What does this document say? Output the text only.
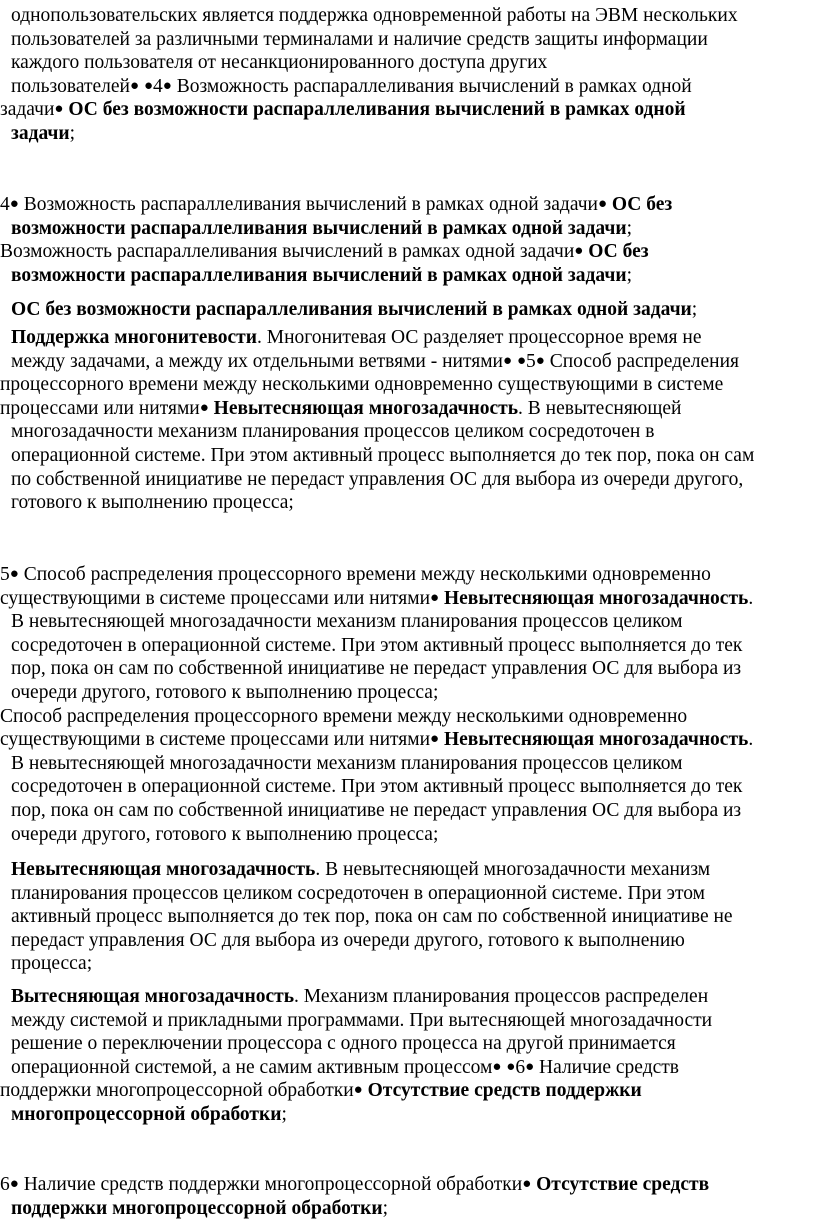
однопользовательских является поддержка одновременной работы на ЭВМ нескольких
пользователей за различными терминалами и наличие средств защиты информации
каждого пользователя от несанкционированного доступа других
пользователей● ●4● Возможность распараллеливания вычислений в рамках одной
задачи● ОС без возможности распараллеливания вычислений в рамках одной
задачи;
4● Возможность распараллеливания вычислений в рамках одной задачи● ОС без
возможности распараллеливания вычислений в рамках одной задачи;
Возможность распараллеливания вычислений в рамках одной задачи● ОС без
возможности распараллеливания вычислений в рамках одной задачи;
ОС без возможности распараллеливания вычислений в рамках одной задачи;
Поддержка многонитевости. Многонитевая ОС разделяет процессорное время не
между задачами, а между их отдельными ветвями - нитями● ●5● Способ распределения
процессорного времени между несколькими одновременно существующими в системе
процессами или нитями● Невытесняющая многозадачность. В невытесняющей
многозадачности механизм планирования процессов целиком сосредоточен в
операционной системе. При этом активный процесс выполняется до тек пор, пока он сам
по собственной инициативе не передаст управления ОС для выбора из очереди другого,
готового к выполнению процесса;
5● Способ распределения процессорного времени между несколькими одновременно
существующими в системе процессами или нитями● Невытесняющая многозадачность.
В невытесняющей многозадачности механизм планирования процессов целиком
сосредоточен в операционной системе. При этом активный процесс выполняется до тек
пор, пока он сам по собственной инициативе не передаст управления ОС для выбора из
очереди другого, готового к выполнению процесса;
Способ распределения процессорного времени между несколькими одновременно
существующими в системе процессами или нитями● Невытесняющая многозадачность.
В невытесняющей многозадачности механизм планирования процессов целиком
сосредоточен в операционной системе. При этом активный процесс выполняется до тек
пор, пока он сам по собственной инициативе не передаст управления ОС для выбора из
очереди другого, готового к выполнению процесса;
Невытесняющая многозадачность. В невытесняющей многозадачности механизм
планирования процессов целиком сосредоточен в операционной системе. При этом
активный процесс выполняется до тек пор, пока он сам по собственной инициативе не
передаст управления ОС для выбора из очереди другого, готового к выполнению
процесса;
Вытесняющая многозадачность. Механизм планирования процессов распределен
между системой и прикладными программами. При вытесняющей многозадачности
решение о переключении процессора с одного процесса на другой принимается
операционной системой, а не самим активным процессом● ●6● Наличие средств
поддержки многопроцессорной обработки● Отсутствие средств поддержки
многопроцессорной обработки;
6● Наличие средств поддержки многопроцессорной обработки● Отсутствие средств
поддержки многопроцессорной обработки;
